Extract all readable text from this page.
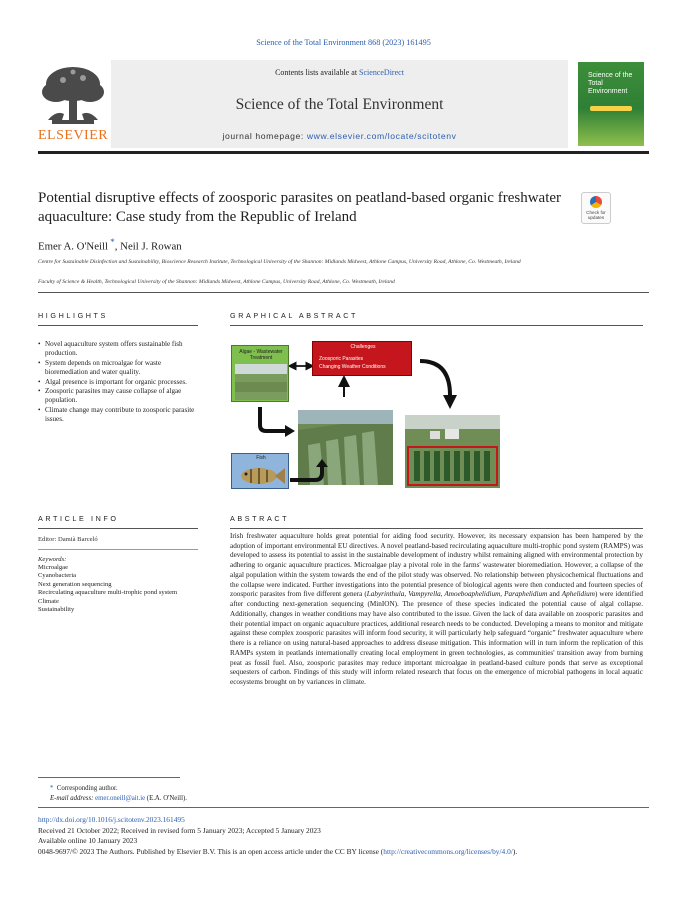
Science of the Total Environment 868 (2023) 161495
ELSEVIER
Contents lists available at ScienceDirect
Science of the Total Environment
journal homepage: www.elsevier.com/locate/scitotenv
Science of the
Total Environment
Potential disruptive effects of zoosporic parasites on peatland-based organic freshwater aquaculture: Case study from the Republic of Ireland	Check for updates
Emer A. O'Neill *, Neil J. Rowan
Centre for Sustainable Disinfection and Sustainability, Bioscience Research Institute, Technological University of the Shannon: Midlands Midwest, Athlone Campus, University Road, Athlone, Co. Westmeath, Ireland
Faculty of Science & Health, Technological University of the Shannon: Midlands Midwest, Athlone Campus, University Road, Athlone, Co. Westmeath, Ireland
HIGHLIGHTS
• Novel aquaculture system offers sustainable fish production.
• System depends on microalgae for waste bioremediation and water quality.
• Algal presence is important for organic processes.
• Zoosporic parasites may cause collapse of algae population.
• Climate change may contribute to zoosporic parasite issues.
GRAPHICAL ABSTRACT
Challenges
Zoosporic Parasites
Changing Weather Conditions
Algae - Wastewater Treatment
Fish
ARTICLE INFO
Editor: Damià Barceló
Keywords:
Microalgae
Cyanobacteria
Next generation sequencing
Recirculating aquaculture multi-trophic pond system
Climate
Sustainability
ABSTRACT
Irish freshwater aquaculture holds great potential for aiding food security. However, its necessary expansion has been hampered by the adoption of important environmental EU directives. A novel peatland-based recirculating aquaculture multi-trophic pond system (RAMPS) was developed to assess its potential to assist in the sustainable development of industry whilst remaining aligned with environmental protection by adhering to organic aquaculture practices. Microalgae play a pivotal role in the farms' wastewater bioremediation. However, a collapse of the algal population within the system towards the end of the pilot study was observed. No relationship between physicochemical fluctuations and the collapse were indicated. Further investigations into the potential presence of biological agents were then conducted and fourteen species of zoosporic parasites from five different genera (Labyrinthula, Vampyrella, Amoeboaphelidium, Paraphelidium and Aphelidium) were identified after conducting next-generation sequencing (MinION). The presence of these species indicated the potential cause of algal collapse. Additionally, changes in weather conditions may have also contributed to the issue. Given the lack of data available on zoosporic parasites and their potential impact on organic aquaculture practices, additional research needs to be conducted. Developing a means to monitor and mitigate against these complex zoosporic parasites will inform food security, it will particularly help safeguard “organic” freshwater aquaculture where there is a reliance on using natural-based approaches to address disease mitigation. This information will in turn inform the replication of this RAMPs system in peatlands internationally creating local employment in green technologies, as communities' transition away from burning peat as fossil fuel. Also, zoosporic parasites may reduce important microalgae in peatland-based culture ponds that serve as exceptional sequesters of carbon. Findings of this study will inform related research that focus on the emergence of microbial pathogens in local aquatic ecosystems brought on by variances in climate.
* Corresponding author.
E-mail address: emer.oneill@ait.ie (E.A. O'Neill).
http://dx.doi.org/10.1016/j.scitotenv.2023.161495
Received 21 October 2022; Received in revised form 5 January 2023; Accepted 5 January 2023
Available online 10 January 2023
0048-9697/© 2023 The Authors. Published by Elsevier B.V. This is an open access article under the CC BY license (http://creativecommons.org/licenses/by/4.0/).
